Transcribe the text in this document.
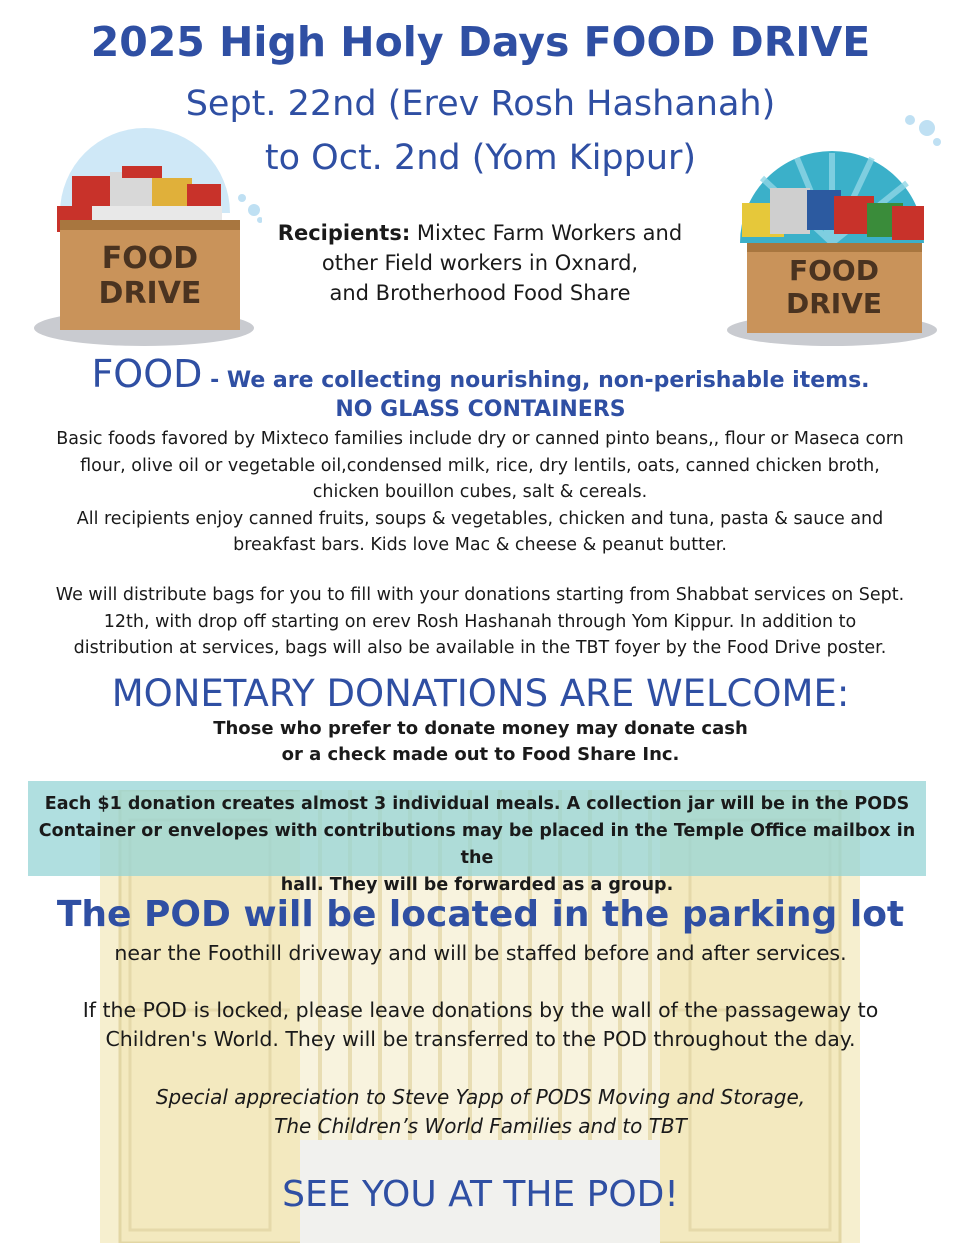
2025 High Holy Days FOOD DRIVE
Sept. 22nd (Erev Rosh Hashanah)
to Oct. 2nd (Yom Kippur)
FOOD
DRIVE
FOOD
DRIVE
Recipients: Mixtec Farm Workers and
other Field workers in Oxnard,
and Brotherhood Food Share
FOOD - We are collecting nourishing, non-perishable items.
NO GLASS CONTAINERS
Basic foods favored by Mixteco families include dry or canned pinto beans,, flour or Maseca corn
flour, olive oil or vegetable oil,condensed milk, rice, dry lentils, oats, canned chicken broth,
chicken bouillon cubes, salt & cereals.
All recipients enjoy canned fruits, soups & vegetables, chicken and tuna, pasta & sauce and
breakfast bars. Kids love Mac & cheese & peanut butter.
We will distribute bags for you to fill with your donations starting from Shabbat services on Sept.
12th, with drop off starting on erev Rosh Hashanah through Yom Kippur. In addition to
distribution at services, bags will also be available in the TBT foyer by the Food Drive poster.
MONETARY DONATIONS ARE WELCOME:
Those who prefer to donate money may donate cash
or a check made out to Food Share Inc.
Each $1 donation creates almost 3 individual meals. A collection jar will be in the PODS
Container or envelopes with contributions may be placed in the Temple Office mailbox in the
hall. They will be forwarded as a group.
The POD will be located in the parking lot
near the Foothill driveway and will be staffed before and after services.
If the POD is locked, please leave donations by the wall of the passageway to
Children's World. They will be transferred to the POD throughout the day.
Special appreciation to Steve Yapp of PODS Moving and Storage,
The Children’s World Families and to TBT
SEE YOU AT THE POD!
